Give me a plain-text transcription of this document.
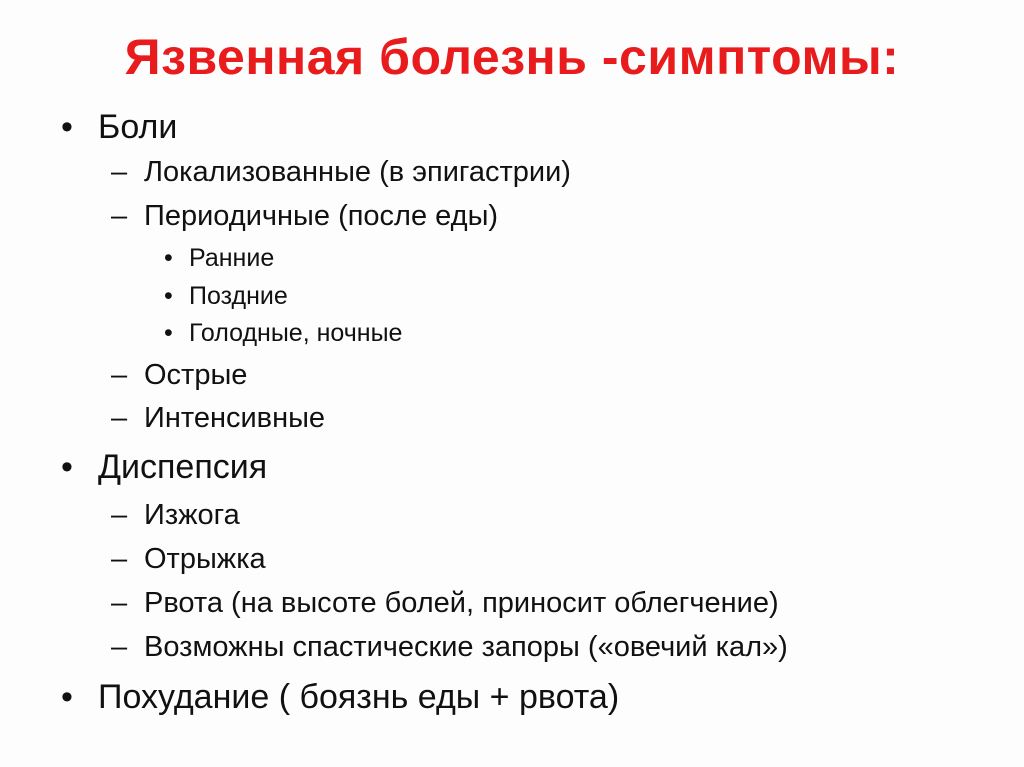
Язвенная болезнь -симптомы:
• Боли
– Локализованные (в эпигастрии)
– Периодичные (после еды)
• Ранние
• Поздние
• Голодные, ночные
– Острые
– Интенсивные
• Диспепсия
– Изжога
– Отрыжка
– Рвота (на высоте болей, приносит облегчение)
– Возможны спастические запоры («овечий кал»)
• Похудание ( боязнь еды + рвота)
